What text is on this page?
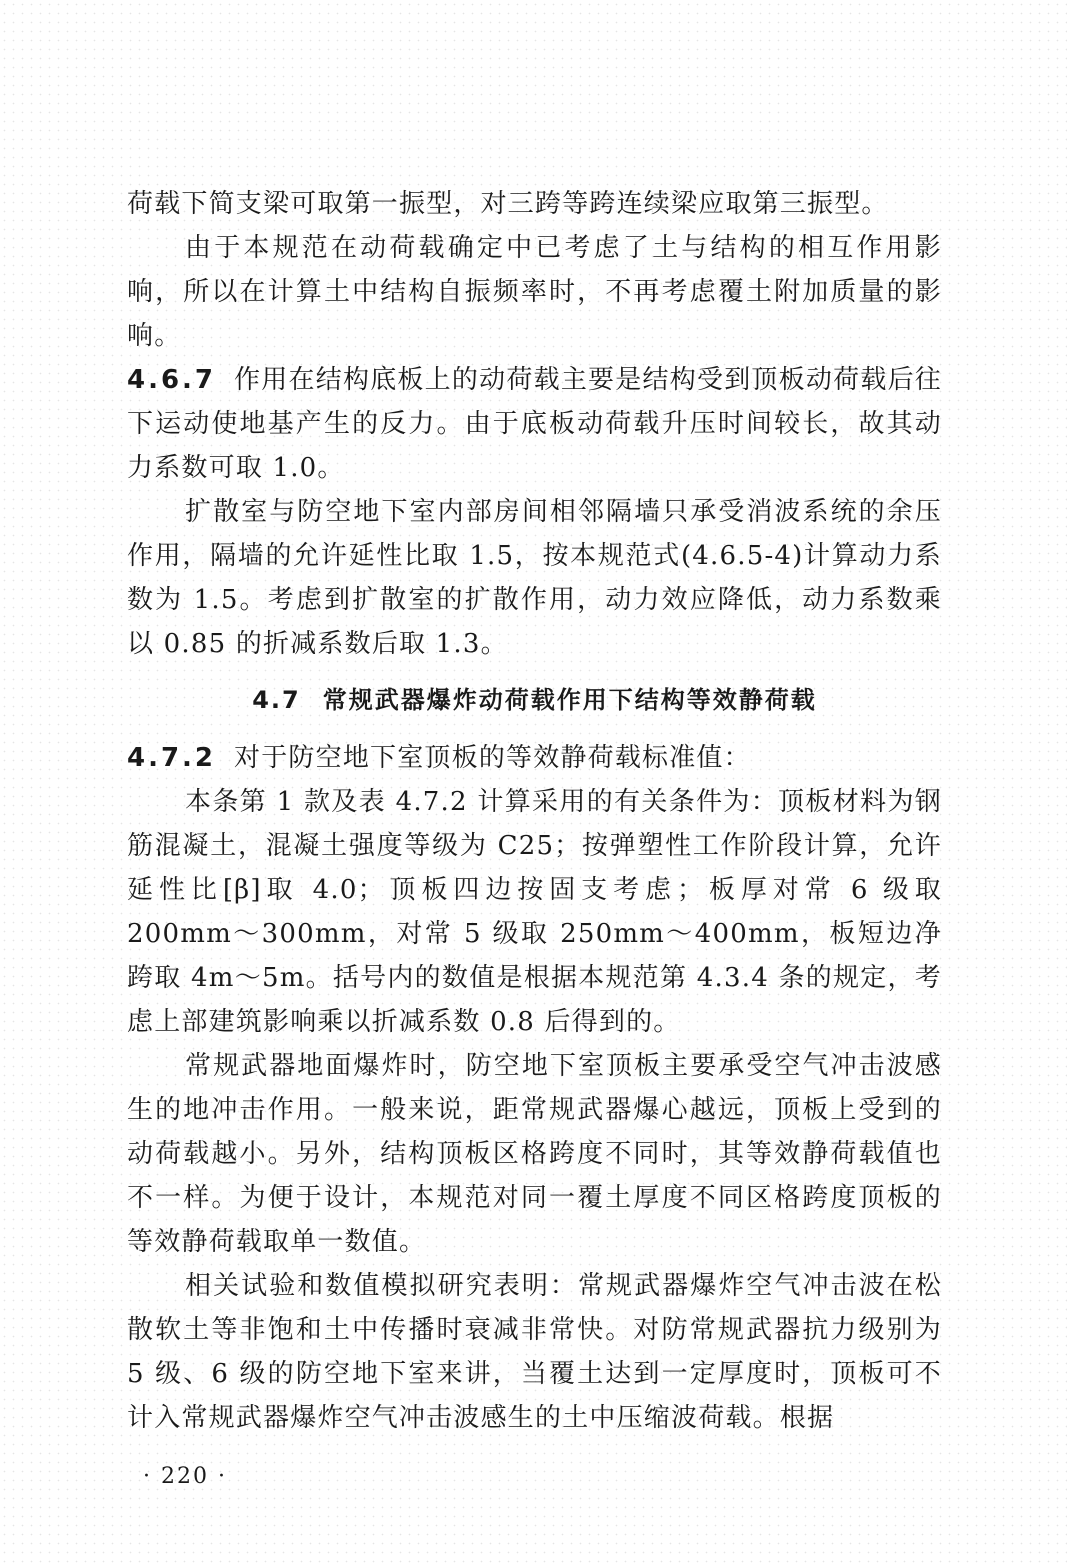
荷载下简支梁可取第一振型，对三跨等跨连续梁应取第三振型。

由于本规范在动荷载确定中已考虑了土与结构的相互作用影响，所以在计算土中结构自振频率时，不再考虑覆土附加质量的影响。

4.6.7 作用在结构底板上的动荷载主要是结构受到顶板动荷载后往下运动使地基产生的反力。由于底板动荷载升压时间较长，故其动力系数可取 1.0。

扩散室与防空地下室内部房间相邻隔墙只承受消波系统的余压作用，隔墙的允许延性比取 1.5，按本规范式(4.6.5-4)计算动力系数为 1.5。考虑到扩散室的扩散作用，动力效应降低，动力系数乘以 0.85 的折减系数后取 1.3。

4.7 常规武器爆炸动荷载作用下结构等效静荷载

4.7.2 对于防空地下室顶板的等效静荷载标准值：

本条第 1 款及表 4.7.2 计算采用的有关条件为：顶板材料为钢筋混凝土，混凝土强度等级为 C25；按弹塑性工作阶段计算，允许延性比[β]取 4.0；顶板四边按固支考虑；板厚对常 6 级取 200mm～300mm，对常 5 级取 250mm～400mm，板短边净跨取 4m～5m。括号内的数值是根据本规范第 4.3.4 条的规定，考虑上部建筑影响乘以折减系数 0.8 后得到的。

常规武器地面爆炸时，防空地下室顶板主要承受空气冲击波感生的地冲击作用。一般来说，距常规武器爆心越远，顶板上受到的动荷载越小。另外，结构顶板区格跨度不同时，其等效静荷载值也不一样。为便于设计，本规范对同一覆土厚度不同区格跨度顶板的等效静荷载取单一数值。

相关试验和数值模拟研究表明：常规武器爆炸空气冲击波在松散软土等非饱和土中传播时衰减非常快。对防常规武器抗力级别为 5 级、6 级的防空地下室来讲，当覆土达到一定厚度时，顶板可不计入常规武器爆炸空气冲击波感生的土中压缩波荷载。根据

· 220 ·
